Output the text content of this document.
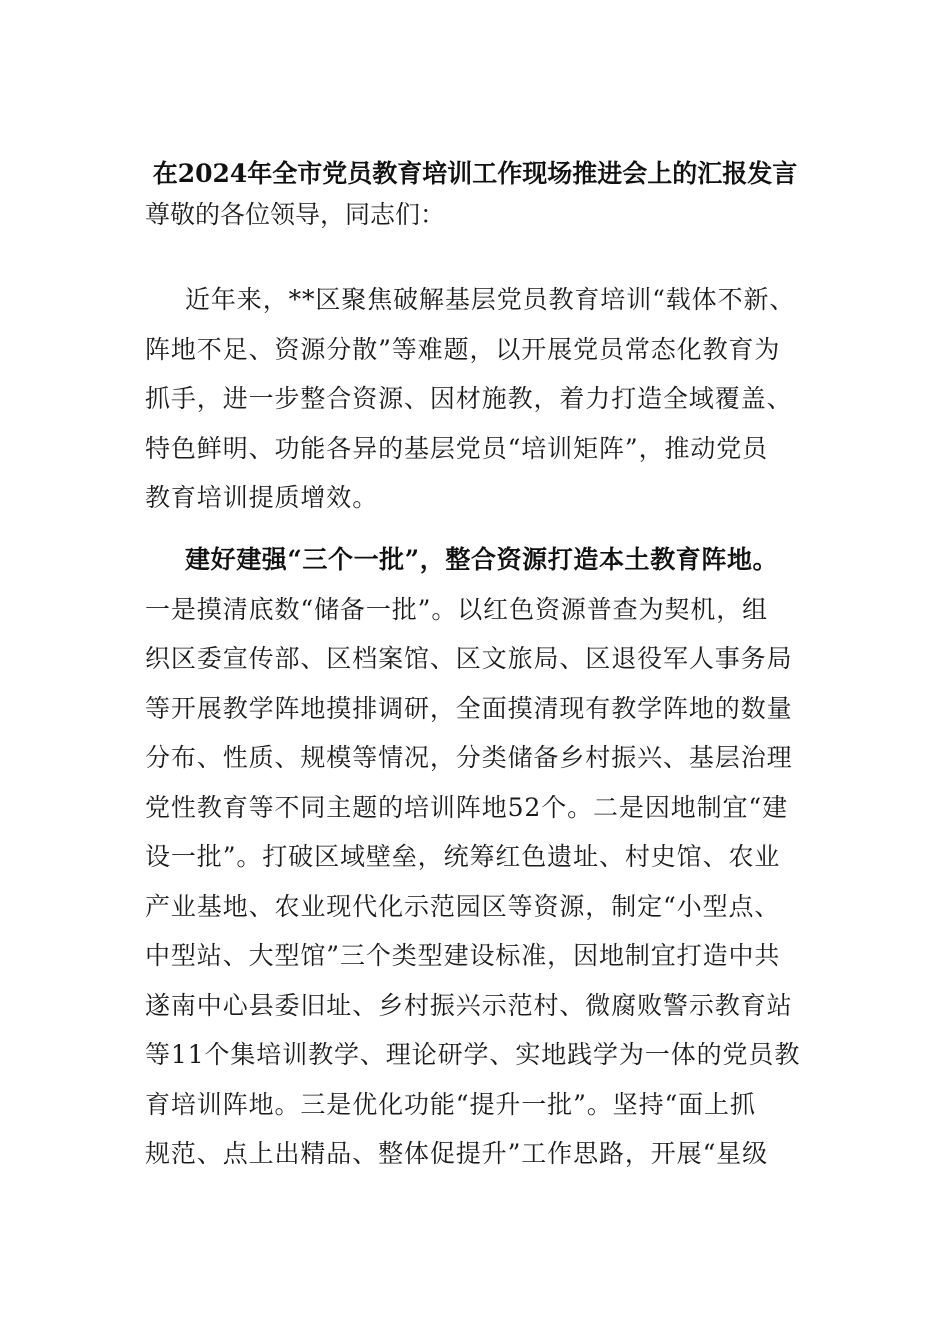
在2024年全市党员教育培训工作现场推进会上的汇报发言
尊敬的各位领导，同志们：
近年来，**区聚焦破解基层党员教育培训“载体不新、
阵地不足、资源分散”等难题，以开展党员常态化教育为
抓手，进一步整合资源、因材施教，着力打造全域覆盖、
特色鲜明、功能各异的基层党员“培训矩阵”，推动党员
教育培训提质增效。
建好建强“三个一批”，整合资源打造本土教育阵地。
一是摸清底数“储备一批”。以红色资源普查为契机，组
织区委宣传部、区档案馆、区文旅局、区退役军人事务局
等开展教学阵地摸排调研，全面摸清现有教学阵地的数量
分布、性质、规模等情况，分类储备乡村振兴、基层治理
党性教育等不同主题的培训阵地52个。二是因地制宜“建
设一批”。打破区域壁垒，统筹红色遗址、村史馆、农业
产业基地、农业现代化示范园区等资源，制定“小型点、
中型站、大型馆”三个类型建设标准，因地制宜打造中共
遂南中心县委旧址、乡村振兴示范村、微腐败警示教育站
等11个集培训教学、理论研学、实地践学为一体的党员教
育培训阵地。三是优化功能“提升一批”。坚持“面上抓
规范、点上出精品、整体促提升”工作思路，开展“星级
